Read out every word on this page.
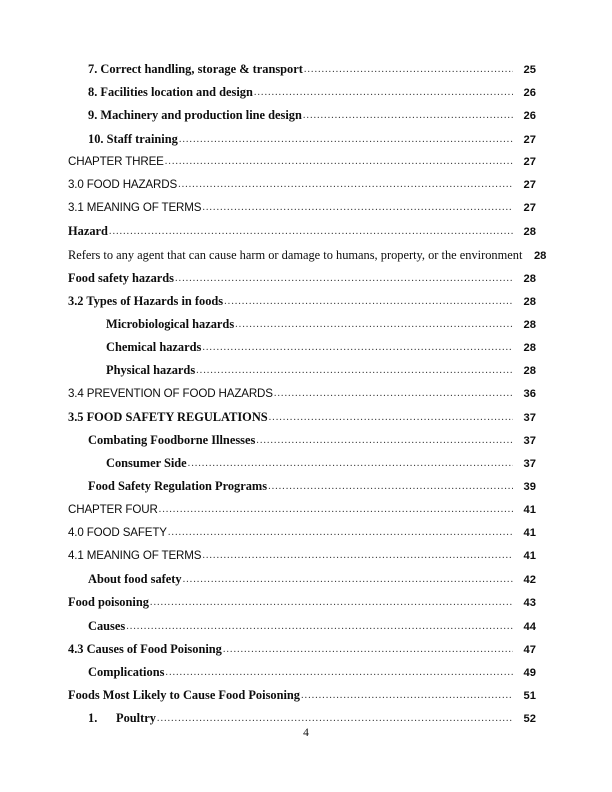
7. Correct handling, storage & transport .....	25
8. Facilities location and design .....	26
9. Machinery and production line design .....	26
10. Staff training .....	27
CHAPTER THREE .....	27
3.0 FOOD HAZARDS .....	27
3.1 MEANING OF TERMS .....	27
Hazard .....	28
Refers to any agent that can cause harm or damage to humans, property, or the environment	28
Food safety hazards .....	28
3.2 Types of Hazards in foods .....	28
Microbiological hazards .....	28
Chemical hazards .....	28
Physical hazards .....	28
3.4 PREVENTION OF FOOD HAZARDS .....	36
3.5 FOOD SAFETY REGULATIONS .....	37
Combating Foodborne Illnesses .....	37
Consumer Side .....	37
Food Safety Regulation Programs .....	39
CHAPTER FOUR .....	41
4.0 FOOD SAFETY .....	41
4.1 MEANING OF TERMS .....	41
About food safety .....	42
Food poisoning .....	43
Causes .....	44
4.3 Causes of Food Poisoning .....	47
Complications .....	49
Foods Most Likely to Cause Food Poisoning .....	51
1.	Poultry .....	52
4
